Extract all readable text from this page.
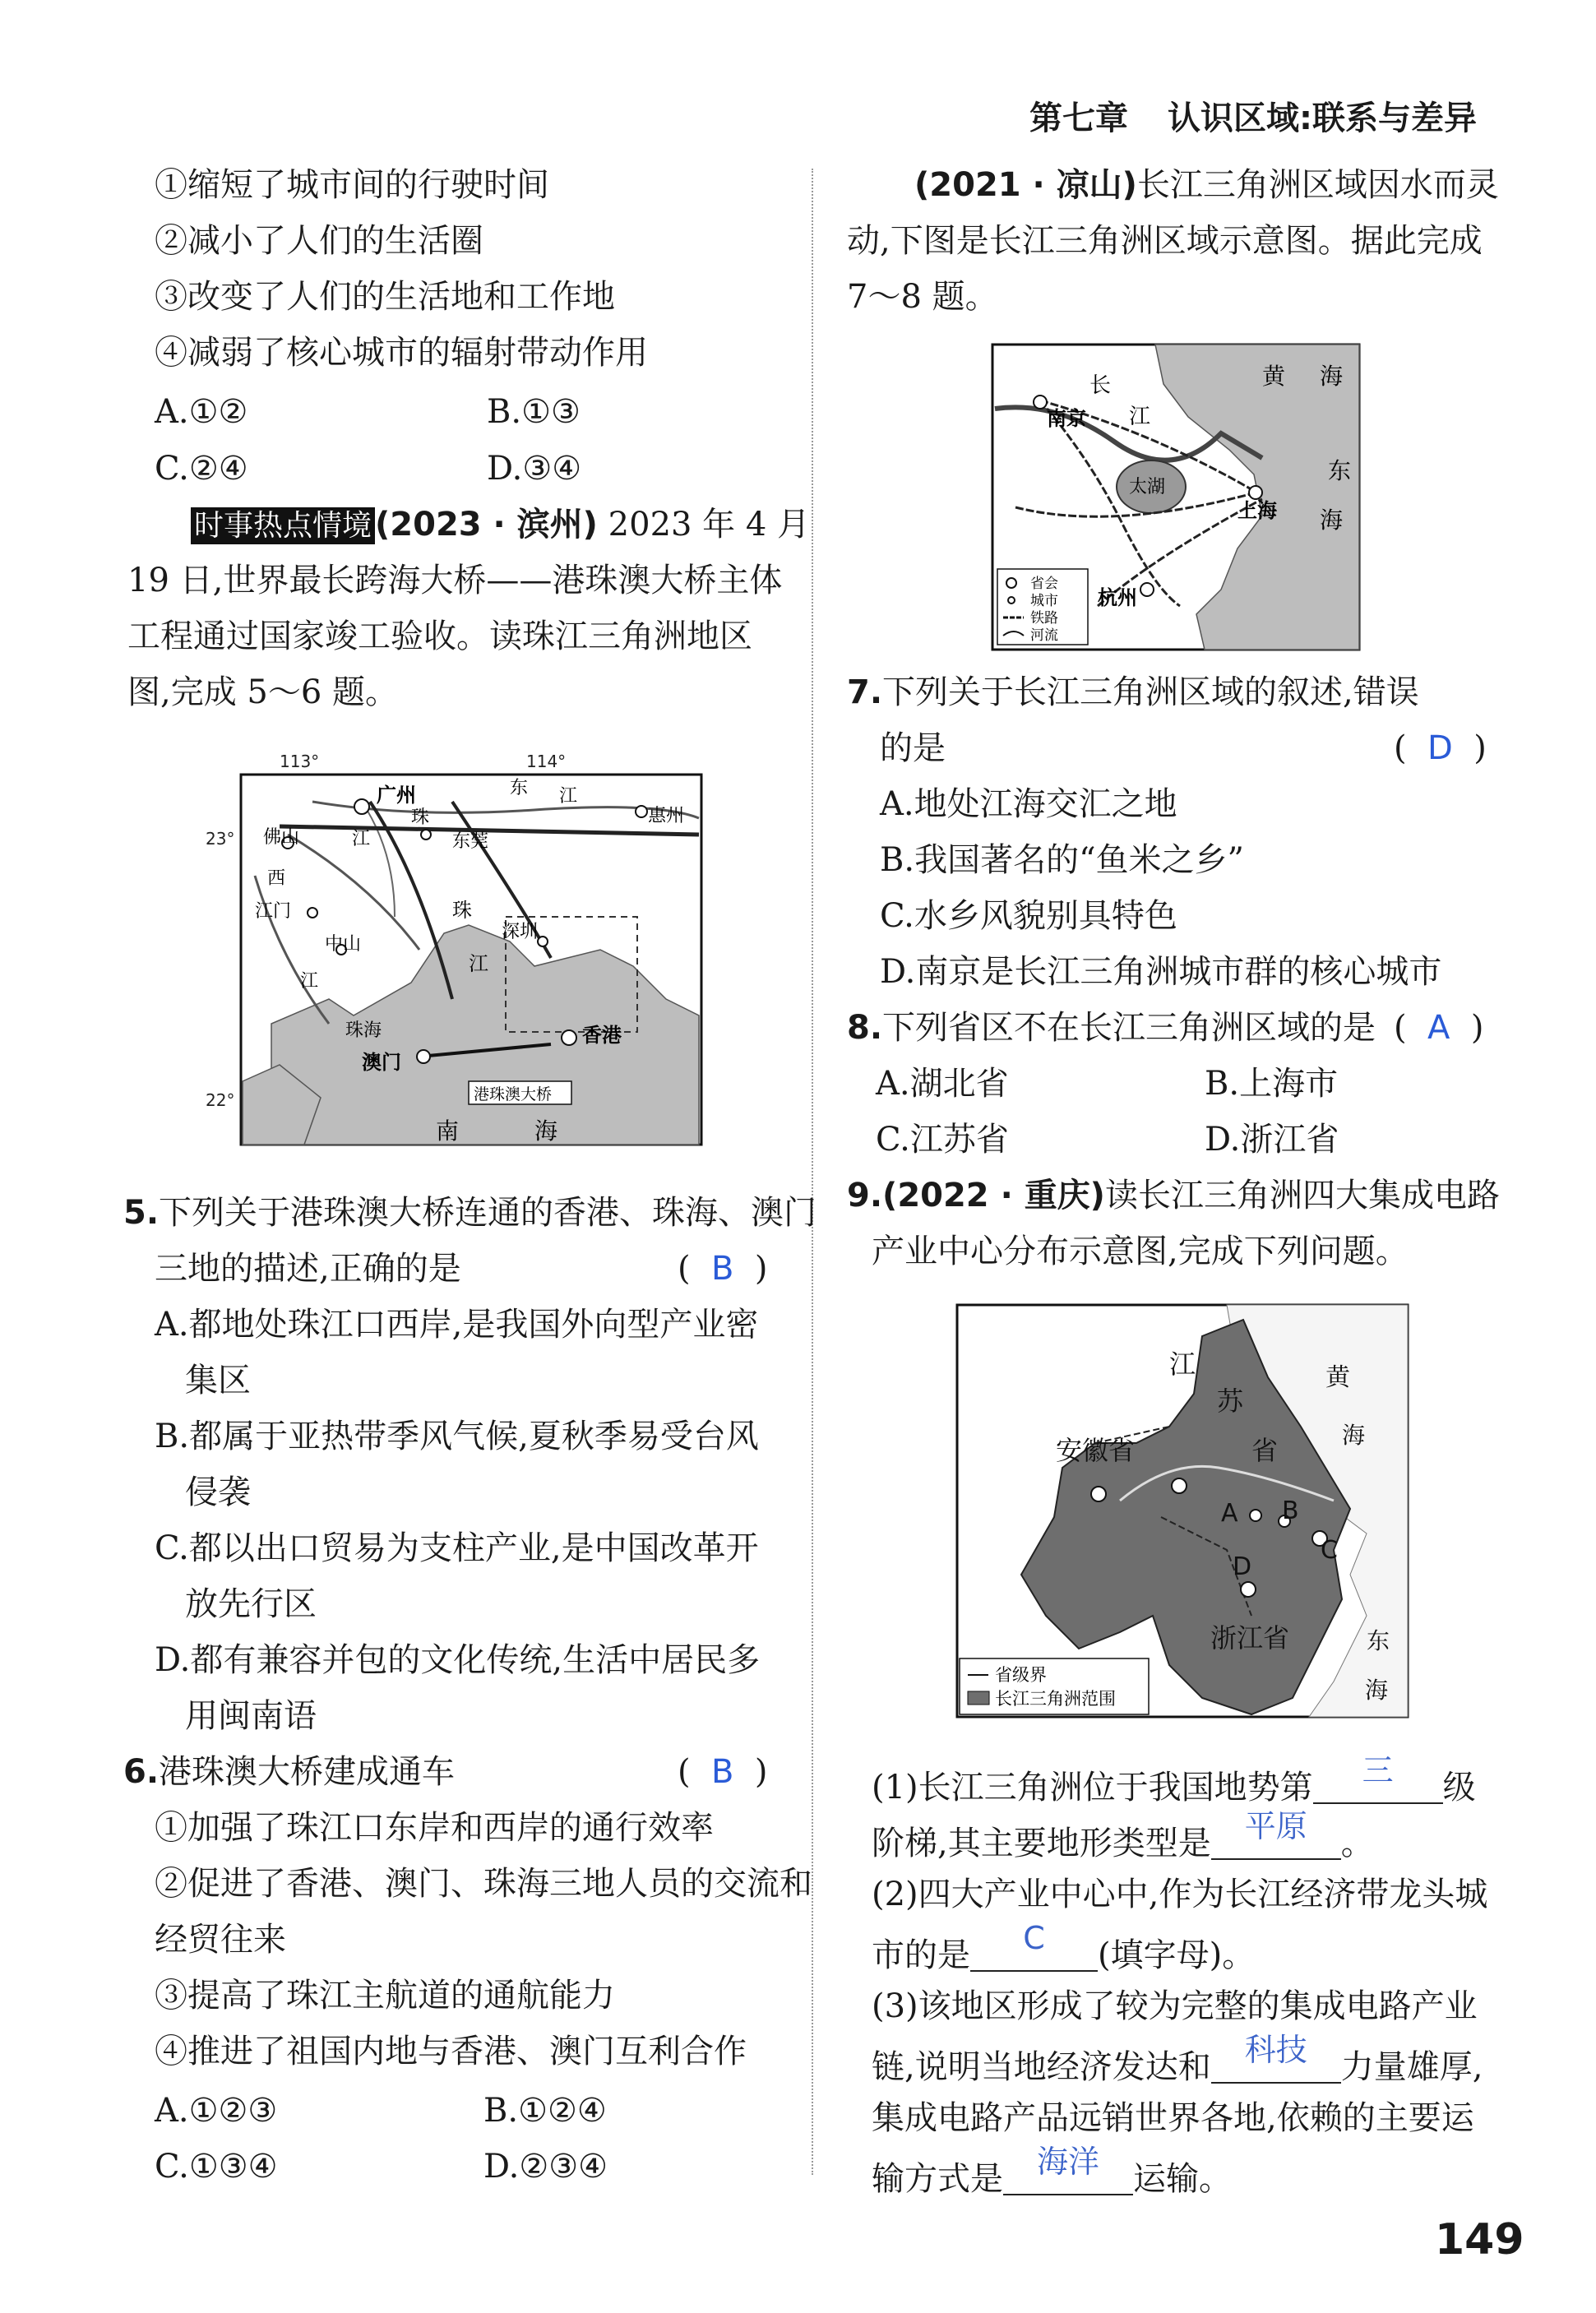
第七章 认识区域:联系与差异
①缩短了城市间的行驶时间
②减小了人们的生活圈
③改变了人们的生活地和工作地
④减弱了核心城市的辐射带动作用
A.①②	B.①③
C.②④	D.③④
时事热点情境 (2023 · 滨州) 2023 年 4 月
19 日,世界最长跨海大桥——港珠澳大桥主体
工程通过国家竣工验收。读珠江三角洲地区
图,完成 5～6 题。
113°	114°
23°
22°
广州
惠州
佛山	东莞
江门
中山
深圳
珠海
澳门
香港
港珠澳大桥
东 江
珠
江
西
江
珠
江
南	海
5.下列关于港珠澳大桥连通的香港、珠海、澳门
三地的描述,正确的是	(  B  )
A.都地处珠江口西岸,是我国外向型产业密
集区
B.都属于亚热带季风气候,夏秋季易受台风
侵袭
C.都以出口贸易为支柱产业,是中国改革开
放先行区
D.都有兼容并包的文化传统,生活中居民多
用闽南语
6.港珠澳大桥建成通车	(  B  )
①加强了珠江口东岸和西岸的通行效率
②促进了香港、澳门、珠海三地人员的交流和
经贸往来
③提高了珠江主航道的通航能力
④推进了祖国内地与香港、澳门互利合作
A.①②③	B.①②④
C.①③④	D.②③④
(2021 · 凉山)长江三角洲区域因水而灵
动,下图是长江三角洲区域示意图。据此完成
7～8 题。
长
江
黄 海
东
海
南京
太湖
上海
杭州
省会
城市
铁路
河流
7.下列关于长江三角洲区域的叙述,错误
的是	(  D  )
A.地处江海交汇之地
B.我国著名的“鱼米之乡”
C.水乡风貌别具特色
D.南京是长江三角洲城市群的核心城市
8.下列省区不在长江三角洲区域的是 (  A  )
A.湖北省	B.上海市
C.江苏省	D.浙江省
9.(2022 · 重庆)读长江三角洲四大集成电路
产业中心分布示意图,完成下列问题。
江
苏
省
安徽省
浙江省
黄
海
东
海
A B
C
D
省级界
长江三角洲范围
(1)长江三角洲位于我国地势第	三	级
阶梯,其主要地形类型是	平原	。
(2)四大产业中心中,作为长江经济带龙头城
市的是	C	(填字母)。
(3)该地区形成了较为完整的集成电路产业
链,说明当地经济发达和	科技	力量雄厚,
集成电路产品远销世界各地,依赖的主要运
输方式是	海洋	运输。
149
